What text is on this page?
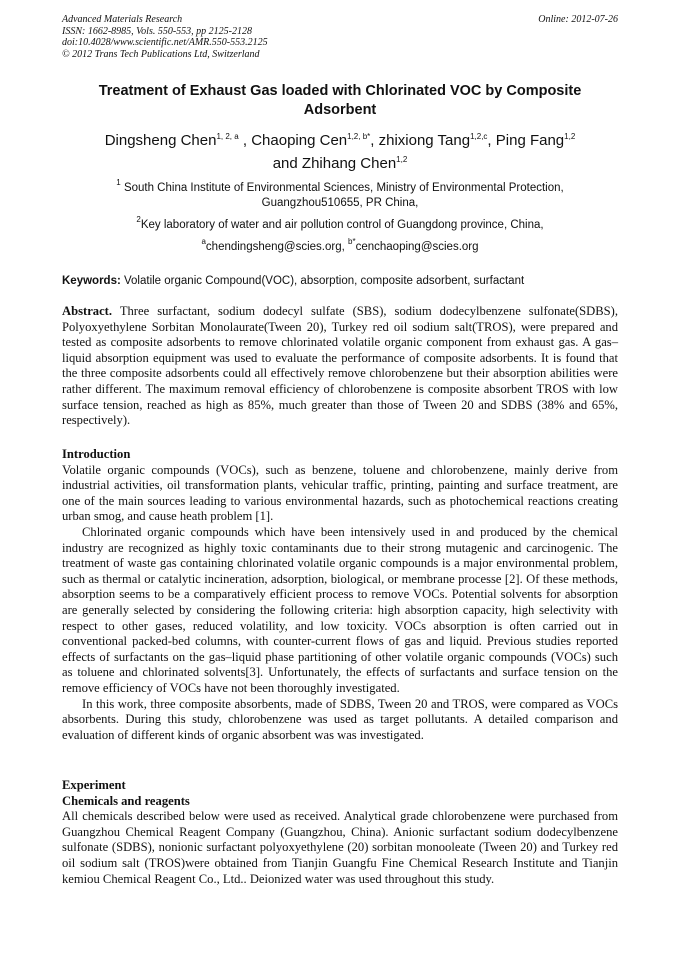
Advanced Materials Research
ISSN: 1662-8985, Vols. 550-553, pp 2125-2128
doi:10.4028/www.scientific.net/AMR.550-553.2125
© 2012 Trans Tech Publications Ltd, Switzerland
Online: 2012-07-26
Treatment of Exhaust Gas loaded with Chlorinated VOC by Composite Adsorbent
Dingsheng Chen$^{1, 2, a}$ , Chaoping Cen$^{1,2, b*}$, zhixiong Tang$^{1,2,c}$, Ping Fang$^{1,2}$
and Zhihang Chen$^{1,2}$
$^1$ South China Institute of Environmental Sciences, Ministry of Environmental Protection,
Guangzhou510655, PR China,
$^2$Key laboratory of water and air pollution control of Guangdong province, China,
$^a$chendingsheng@scies.org, $^{b*}$cenchaoping@scies.org
Keywords: Volatile organic Compound(VOC), absorption, composite adsorbent, surfactant

Abstract. Three surfactant, sodium dodecyl sulfate (SBS), sodium dodecylbenzene sulfonate(SDBS), Polyoxyethylene Sorbitan Monolaurate(Tween 20), Turkey red oil sodium salt(TROS), were prepared and tested as composite adsorbents to remove chlorinated volatile organic component from exhaust gas. A gas–liquid absorption equipment was used to evaluate the performance of composite adsorbents. It is found that the three composite adsorbents could all effectively remove chlorobenzene but their absorption abilities were rather different. The maximum removal efficiency of chlorobenzene is composite absorbent TROS with low surface tension, reached as high as 85%, much greater than those of Tween 20 and SDBS (38% and 65%, respectively).

Introduction

Volatile organic compounds (VOCs), such as benzene, toluene and chlorobenzene, mainly derive from industrial activities, oil transformation plants, vehicular traffic, printing, painting and surface treatment, are one of the main sources leading to various environmental hazards, such as photochemical reactions creating urban smog, and cause heath problem [1].

Chlorinated organic compounds which have been intensively used in and produced by the chemical industry are recognized as highly toxic contaminants due to their strong mutagenic and carcinogenic. The treatment of waste gas containing chlorinated volatile organic compounds is a major environmental problem, such as thermal or catalytic incineration, adsorption, biological, or membrane processe [2]. Of these methods, absorption seems to be a comparatively efficient process to remove VOCs. Potential solvents for absorption are generally selected by considering the following criteria: high absorption capacity, high selectivity with respect to other gases, reduced volatility, and low toxicity. VOCs absorption is often carried out in conventional packed-bed columns, with counter-current flows of gas and liquid. Previous studies reported effects of surfactants on the gas–liquid phase partitioning of other volatile organic compounds (VOCs) such as toluene and chlorinated solvents[3]. Unfortunately, the effects of surfactants and surface tension on the remove efficiency of VOCs have not been thoroughly investigated.

In this work, three composite absorbents, made of SDBS, Tween 20 and TROS, were compared as VOCs absorbents. During this study, chlorobenzene was used as target pollutants. A detailed comparison and evaluation of different kinds of organic absorbent was was investigated.

Experiment

Chemicals and reagents

All chemicals described below were used as received. Analytical grade chlorobenzene were purchased from Guangzhou Chemical Reagent Company (Guangzhou, China). Anionic surfactant sodium dodecylbenzene sulfonate (SDBS), nonionic surfactant polyoxyethylene (20) sorbitan monooleate (Tween 20) and Turkey red oil sodium salt (TROS)were obtained from Tianjin Guangfu Fine Chemical Research Institute and Tianjin kemiou Chemical Reagent Co., Ltd.. Deionized water was used throughout this study.
